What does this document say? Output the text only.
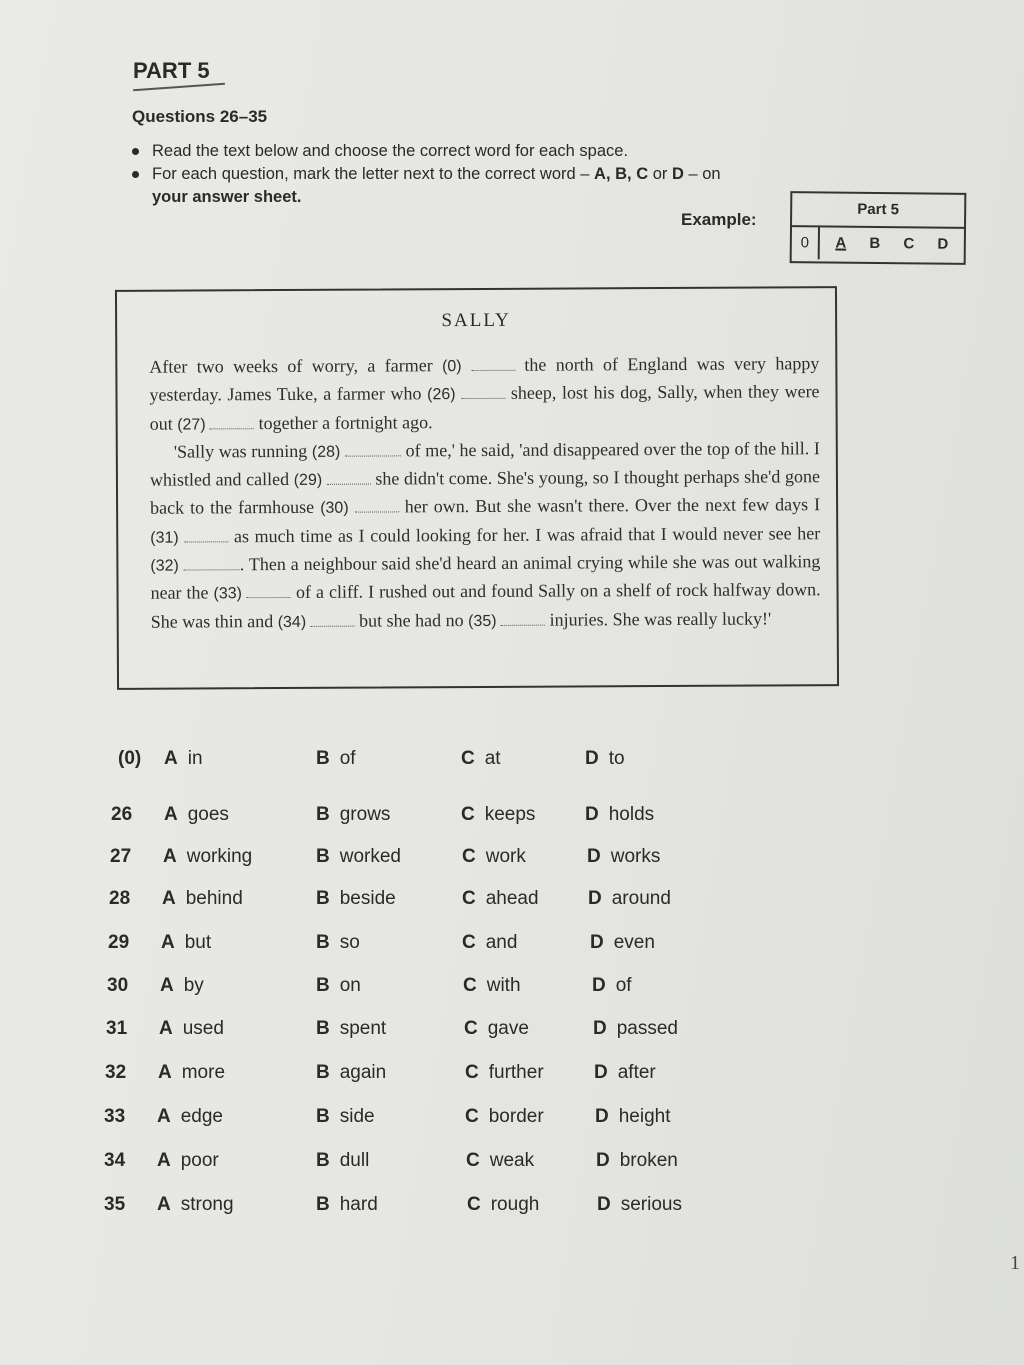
PART 5
Questions 26–35
Read the text below and choose the correct word for each space.
For each question, mark the letter next to the correct word – A, B, C or D – on
your answer sheet.
Example:
Part 5
0	A B C D
SALLY

After two weeks of worry, a farmer (0)	the north of England was very happy yesterday. James Tuke, a farmer who (26)	sheep, lost his dog, Sally, when they were out (27)	together a fortnight ago.

'Sally was running (28)	of me,' he said, 'and disappeared over the top of the hill. I whistled and called (29)	she didn't come. She's young, so I thought perhaps she'd gone back to the farmhouse (30)	her own. But she wasn't there. Over the next few days I (31)	as much time as I could looking for her. I was afraid that I would never see her (32)	. Then a neighbour said she'd heard an animal crying while she was out walking near the (33)	of a cliff. I rushed out and found Sally on a shelf of rock halfway down. She was thin and (34)	but she had no (35)	injuries. She was really lucky!'

(0) A in	B of	C at	D to
26 A goes	B grows	C keeps	D holds
27 A working	B worked	C work	D works
28 A behind	B beside	C ahead	D around
29 A but	B so	C and	D even
30 A by	B on	C with	D of
31 A used	B spent	C gave	D passed
32 A more	B again	C further	D after
33 A edge	B side	C border	D height
34 A poor	B dull	C weak	D broken
35 A strong	B hard	C rough	D serious
1
